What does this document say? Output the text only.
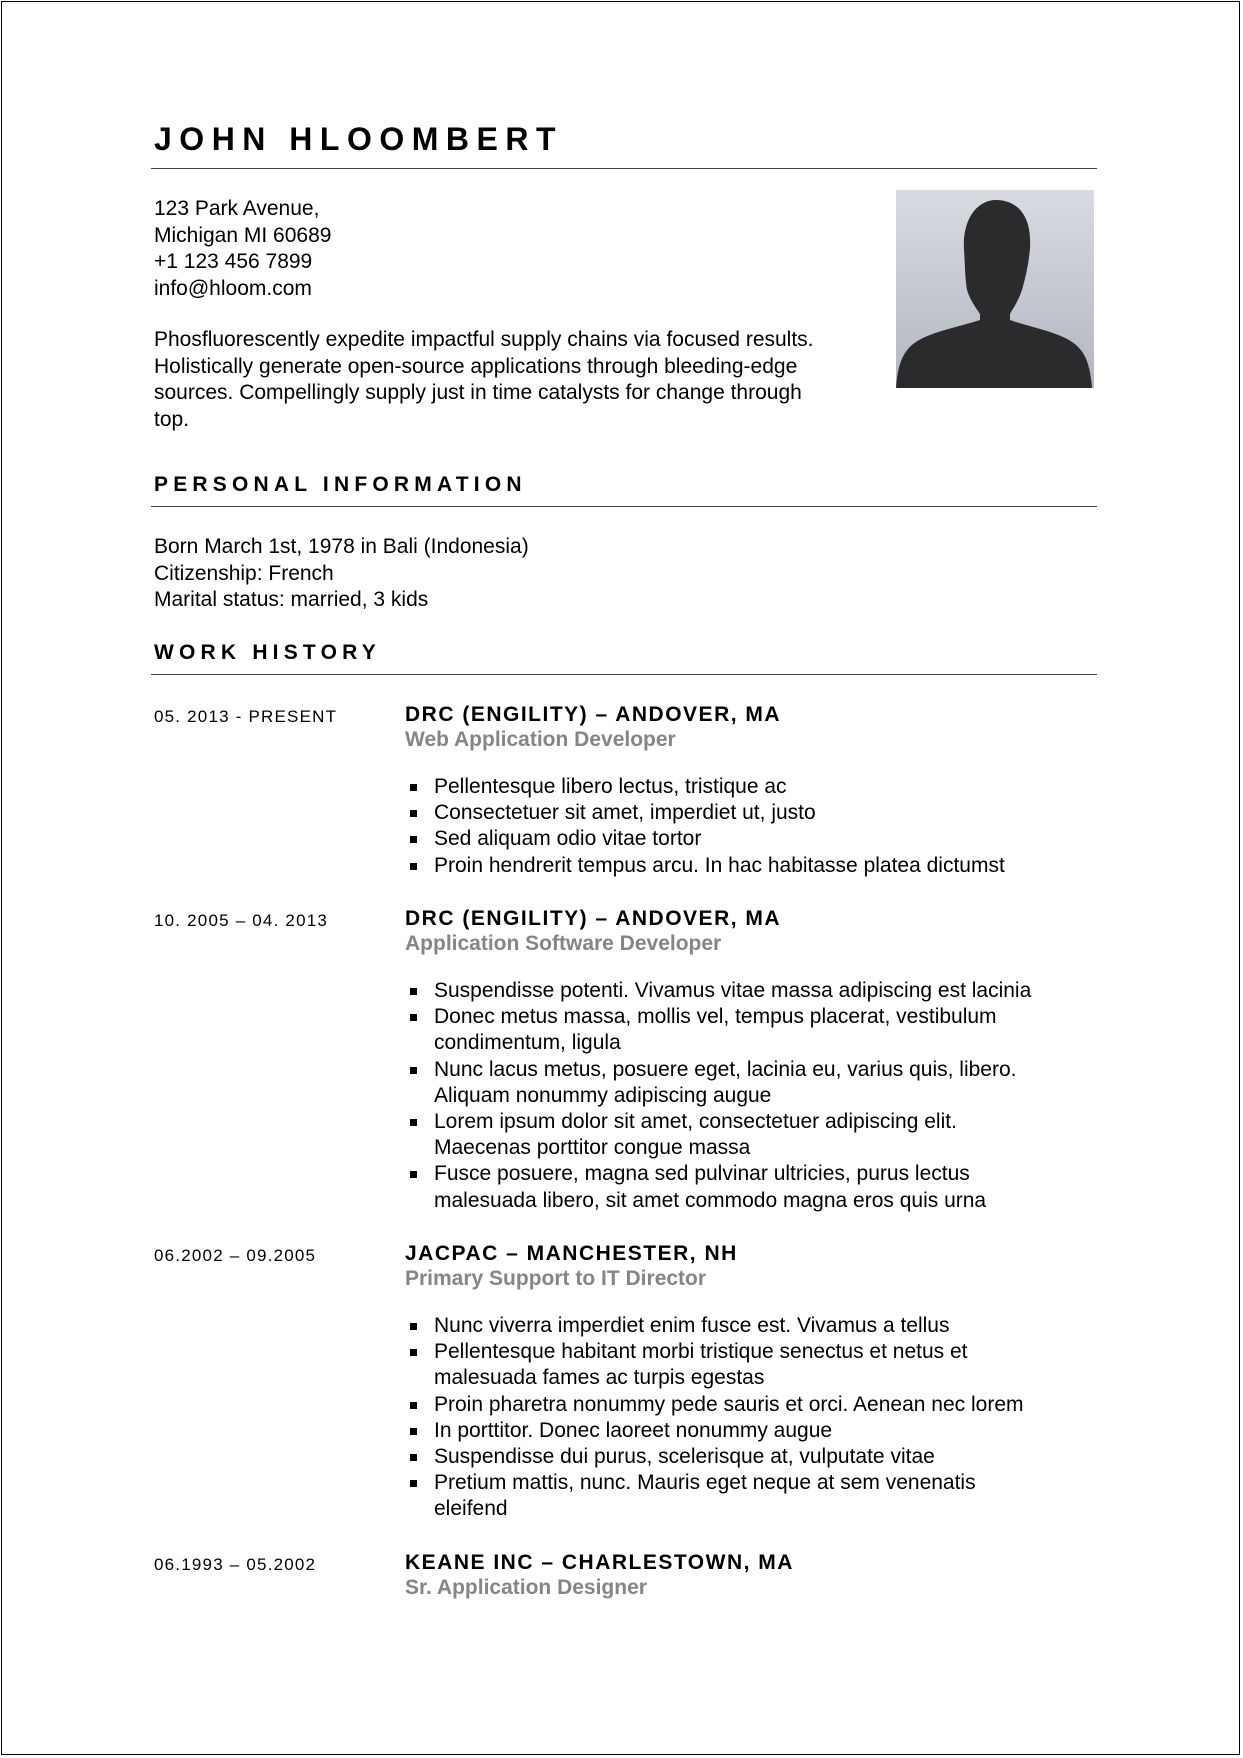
JOHN HLOOMBERT
123 Park Avenue,
Michigan MI 60689
+1 123 456 7899
info@hloom.com
Phosfluorescently expedite impactful supply chains via focused results.
Holistically generate open-source applications through bleeding-edge
sources. Compellingly supply just in time catalysts for change through
top.
PERSONAL INFORMATION
Born March 1st, 1978 in Bali (Indonesia)
Citizenship: French
Marital status: married, 3 kids
WORK HISTORY
05. 2013 - PRESENT	DRC (ENGILITY) – ANDOVER, MA
Web Application Developer
Pellentesque libero lectus, tristique ac
Consectetuer sit amet, imperdiet ut, justo
Sed aliquam odio vitae tortor
Proin hendrerit tempus arcu. In hac habitasse platea dictumst
10. 2005 – 04. 2013	DRC (ENGILITY) – ANDOVER, MA
Application Software Developer
Suspendisse potenti. Vivamus vitae massa adipiscing est lacinia
Donec metus massa, mollis vel, tempus placerat, vestibulum
condimentum, ligula
Nunc lacus metus, posuere eget, lacinia eu, varius quis, libero.
Aliquam nonummy adipiscing augue
Lorem ipsum dolor sit amet, consectetuer adipiscing elit.
Maecenas porttitor congue massa
Fusce posuere, magna sed pulvinar ultricies, purus lectus
malesuada libero, sit amet commodo magna eros quis urna
06.2002 – 09.2005	JACPAC – MANCHESTER, NH
Primary Support to IT Director
Nunc viverra imperdiet enim fusce est. Vivamus a tellus
Pellentesque habitant morbi tristique senectus et netus et
malesuada fames ac turpis egestas
Proin pharetra nonummy pede sauris et orci. Aenean nec lorem
In porttitor. Donec laoreet nonummy augue
Suspendisse dui purus, scelerisque at, vulputate vitae
Pretium mattis, nunc. Mauris eget neque at sem venenatis
eleifend
06.1993 – 05.2002	KEANE INC – CHARLESTOWN, MA
Sr. Application Designer
